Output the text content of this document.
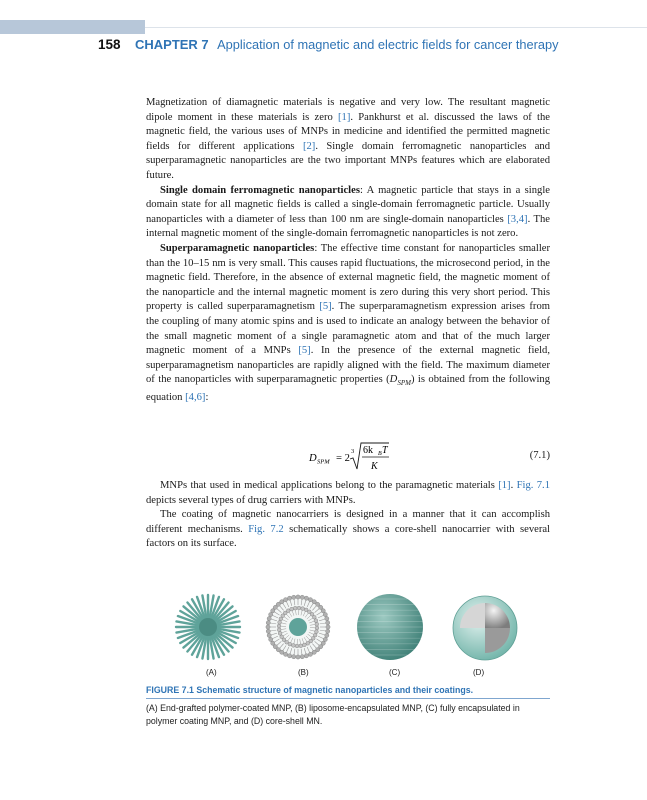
158 CHAPTER 7 Application of magnetic and electric fields for cancer therapy

Magnetization of diamagnetic materials is negative and very low. The resultant magnetic dipole moment in these materials is zero [1]. Pankhurst et al. discussed the laws of the magnetic field, the various uses of MNPs in medicine and identified the permitted magnetic fields for different applications [2]. Single domain ferromagnetic nanoparticles and superparamagnetic nanoparticles are the two important MNPs features which are elaborated future.

Single domain ferromagnetic nanoparticles: A magnetic particle that stays in a single domain state for all magnetic fields is called a single-domain ferromagnetic particle. Usually nanoparticles with a diameter of less than 100 nm are single-domain nanoparticles [3,4]. The internal magnetic moment of the single-domain ferromagnetic nanoparticles is not zero.

Superparamagnetic nanoparticles: The effective time constant for nanoparticles smaller than the 10–15 nm is very small. This causes rapid fluctuations, the microsecond period, in the magnetic field. Therefore, in the absence of external magnetic field, the magnetic moment of the nanoparticle and the internal magnetic moment is zero during this very short period. This property is called superparamagnetism [5]. The superparamagnetism expression arises from the coupling of many atomic spins and is used to indicate an analogy between the behavior of the small magnetic moment of a single paramagnetic atom and that of the much larger magnetic moment of a MNPs [5]. In the presence of the external magnetic field, superparamagnetism nanoparticles are rapidly aligned with the field. The maximum diameter of the nanoparticles with superparamagnetic properties $(D_{SPM})$ is obtained from the following equation [4,6]:

D SPM = 2
3 6k B T
K
(7.1)

MNPs that used in medical applications belong to the paramagnetic materials [1]. Fig. 7.1 depicts several types of drug carriers with MNPs.

The coating of magnetic nanocarriers is designed in a manner that it can accomplish different mechanisms. Fig. 7.2 schematically shows a core-shell nanocarrier with several factors on its surface.

(A)	(B)	(C)	(D)
FIGURE 7.1 Schematic structure of magnetic nanoparticles and their coatings.
(A) End-grafted polymer-coated MNP, (B) liposome-encapsulated MNP, (C) fully encapsulated in polymer coating MNP, and (D) core-shell MN.
